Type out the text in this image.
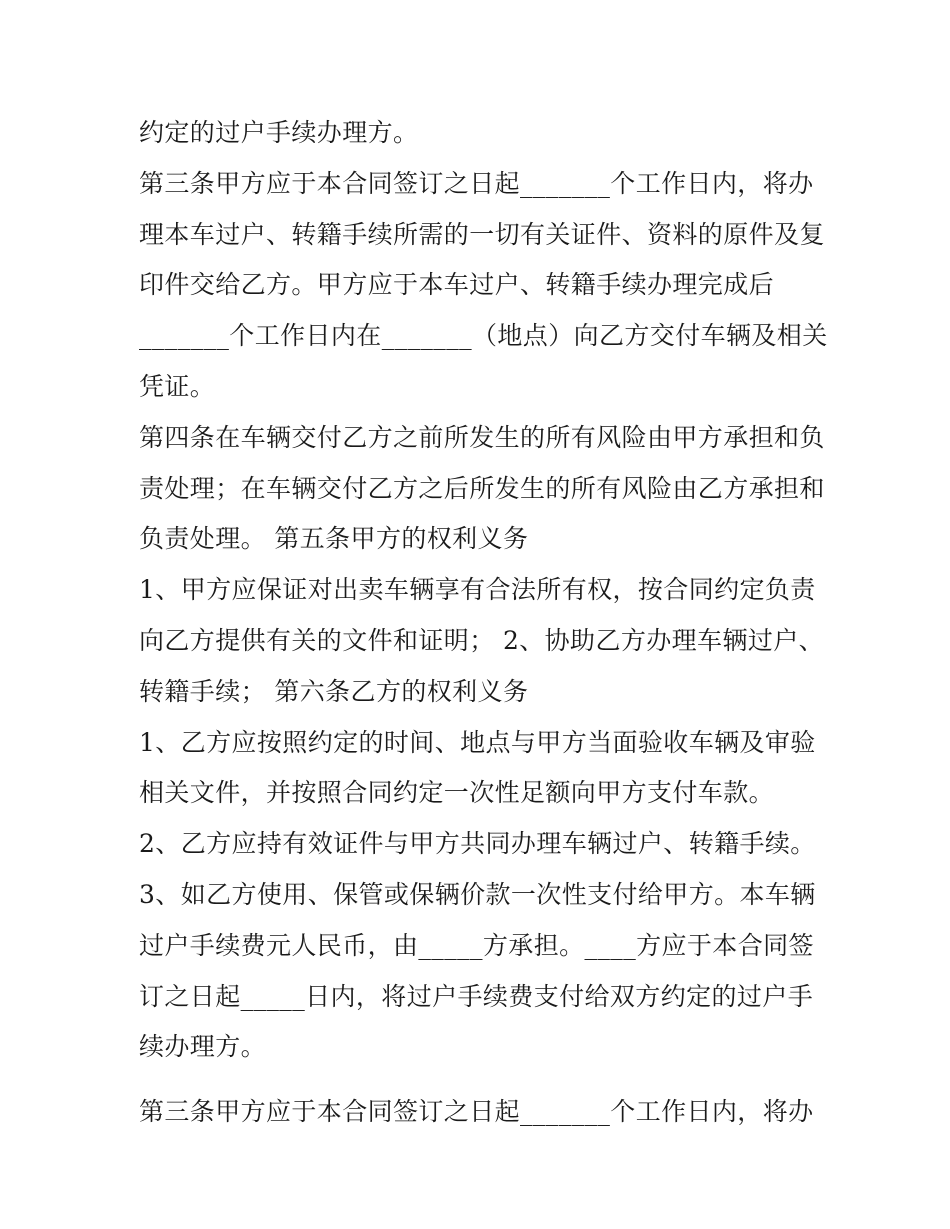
约定的过户手续办理方。
第三条甲方应于本合同签订之日起_______个工作日内，将办
理本车过户、转籍手续所需的一切有关证件、资料的原件及复
印件交给乙方。甲方应于本车过户、转籍手续办理完成后
_______个工作日内在_______（地点）向乙方交付车辆及相关
凭证。
第四条在车辆交付乙方之前所发生的所有风险由甲方承担和负
责处理；在车辆交付乙方之后所发生的所有风险由乙方承担和
负责处理。 第五条甲方的权利义务
1、甲方应保证对出卖车辆享有合法所有权，按合同约定负责
向乙方提供有关的文件和证明； 2、协助乙方办理车辆过户、
转籍手续； 第六条乙方的权利义务
1、乙方应按照约定的时间、地点与甲方当面验收车辆及审验
相关文件，并按照合同约定一次性足额向甲方支付车款。
2、乙方应持有效证件与甲方共同办理车辆过户、转籍手续。
3、如乙方使用、保管或保辆价款一次性支付给甲方。本车辆
过户手续费元人民币，由_____方承担。____方应于本合同签
订之日起_____日内，将过户手续费支付给双方约定的过户手
续办理方。
第三条甲方应于本合同签订之日起_______个工作日内，将办
